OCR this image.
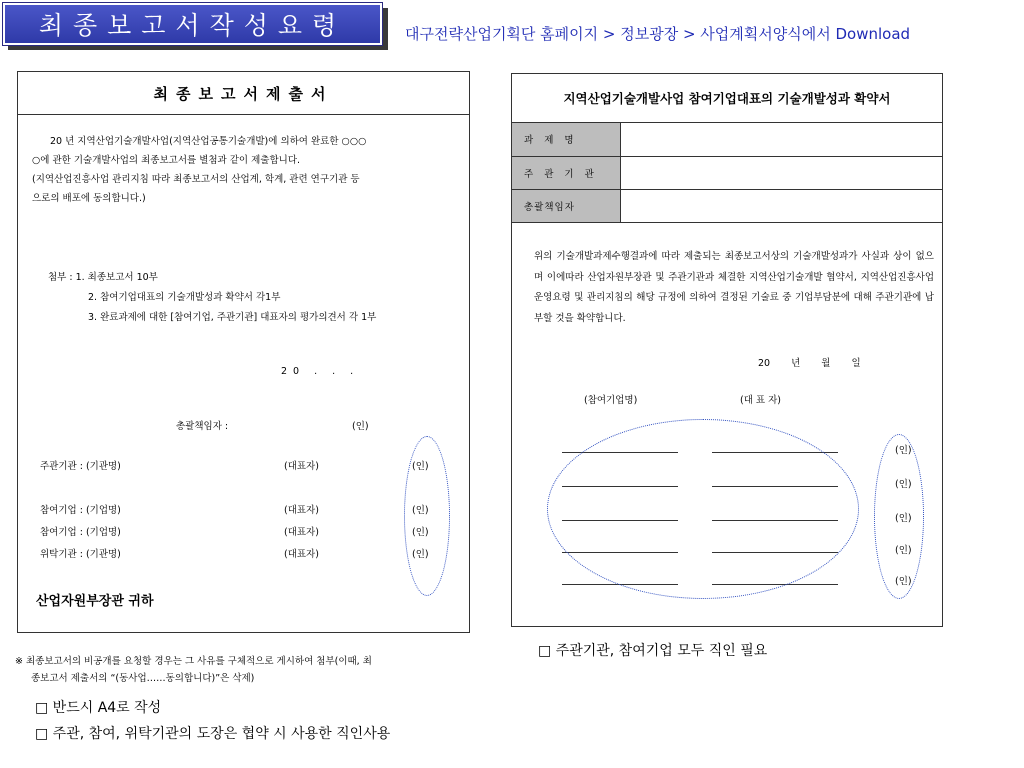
최종보고서작성요령	대구전략산업기획단 홈페이지 > 정보광장 > 사업계획서양식에서 Download
최종보고서제출서
20 년 지역산업기술개발사업(지역산업공통기술개발)에 의하여 완료한 ○○○
○에 관한 기술개발사업의 최종보고서를 별첨과 같이 제출합니다.
(지역산업진흥사업 관리지침 따라 최종보고서의 산업계, 학계, 관련 연구기관 등
으로의 배포에 동의합니다.)
첨부 : 1. 최종보고서 10부
2. 참여기업대표의 기술개발성과 확약서 각1부
3. 완료과제에 대한 [참여기업, 주관기관] 대표자의 평가의견서 각 1부
20 . . .
총괄책임자 :	(인)
주관기관 : (기관명)	(대표자)	(인)
참여기업 : (기업명)	(대표자)	(인)
참여기업 : (기업명)	(대표자)	(인)
위탁기관 : (기관명)	(대표자)	(인)
산업자원부장관 귀하
※ 최종보고서의 비공개를 요청할 경우는 그 사유를 구체적으로 게시하여 첨부(이때, 최
종보고서 제출서의 “(동사업……동의합니다)”은 삭제)
□ 반드시 A4로 작성
□ 주관, 참여, 위탁기관의 도장은 협약 시 사용한 직인사용
□ 주관기관, 참여기업 모두 직인 필요
지역산업기술개발사업 참여기업대표의 기술개발성과 확약서
과 제 명	
주 관 기 관	
총괄책임자	
위의 기술개발과제수행결과에 따라 제출되는 최종보고서상의 기술개발성과가 사실과 상이 없으며 이에따라 산업자원부장관 및 주관기관과 체결한 지역산업기술개발 협약서, 지역산업진흥사업 운영요령 및 관리지침의 해당 규정에 의하여 결정된 기술료 중 기업부담분에 대해 주관기관에 납부할 것을 확약합니다.
20 년 월 일
(참여기업명)	(대 표 자)
(인)
(인)
(인)
(인)
(인)
